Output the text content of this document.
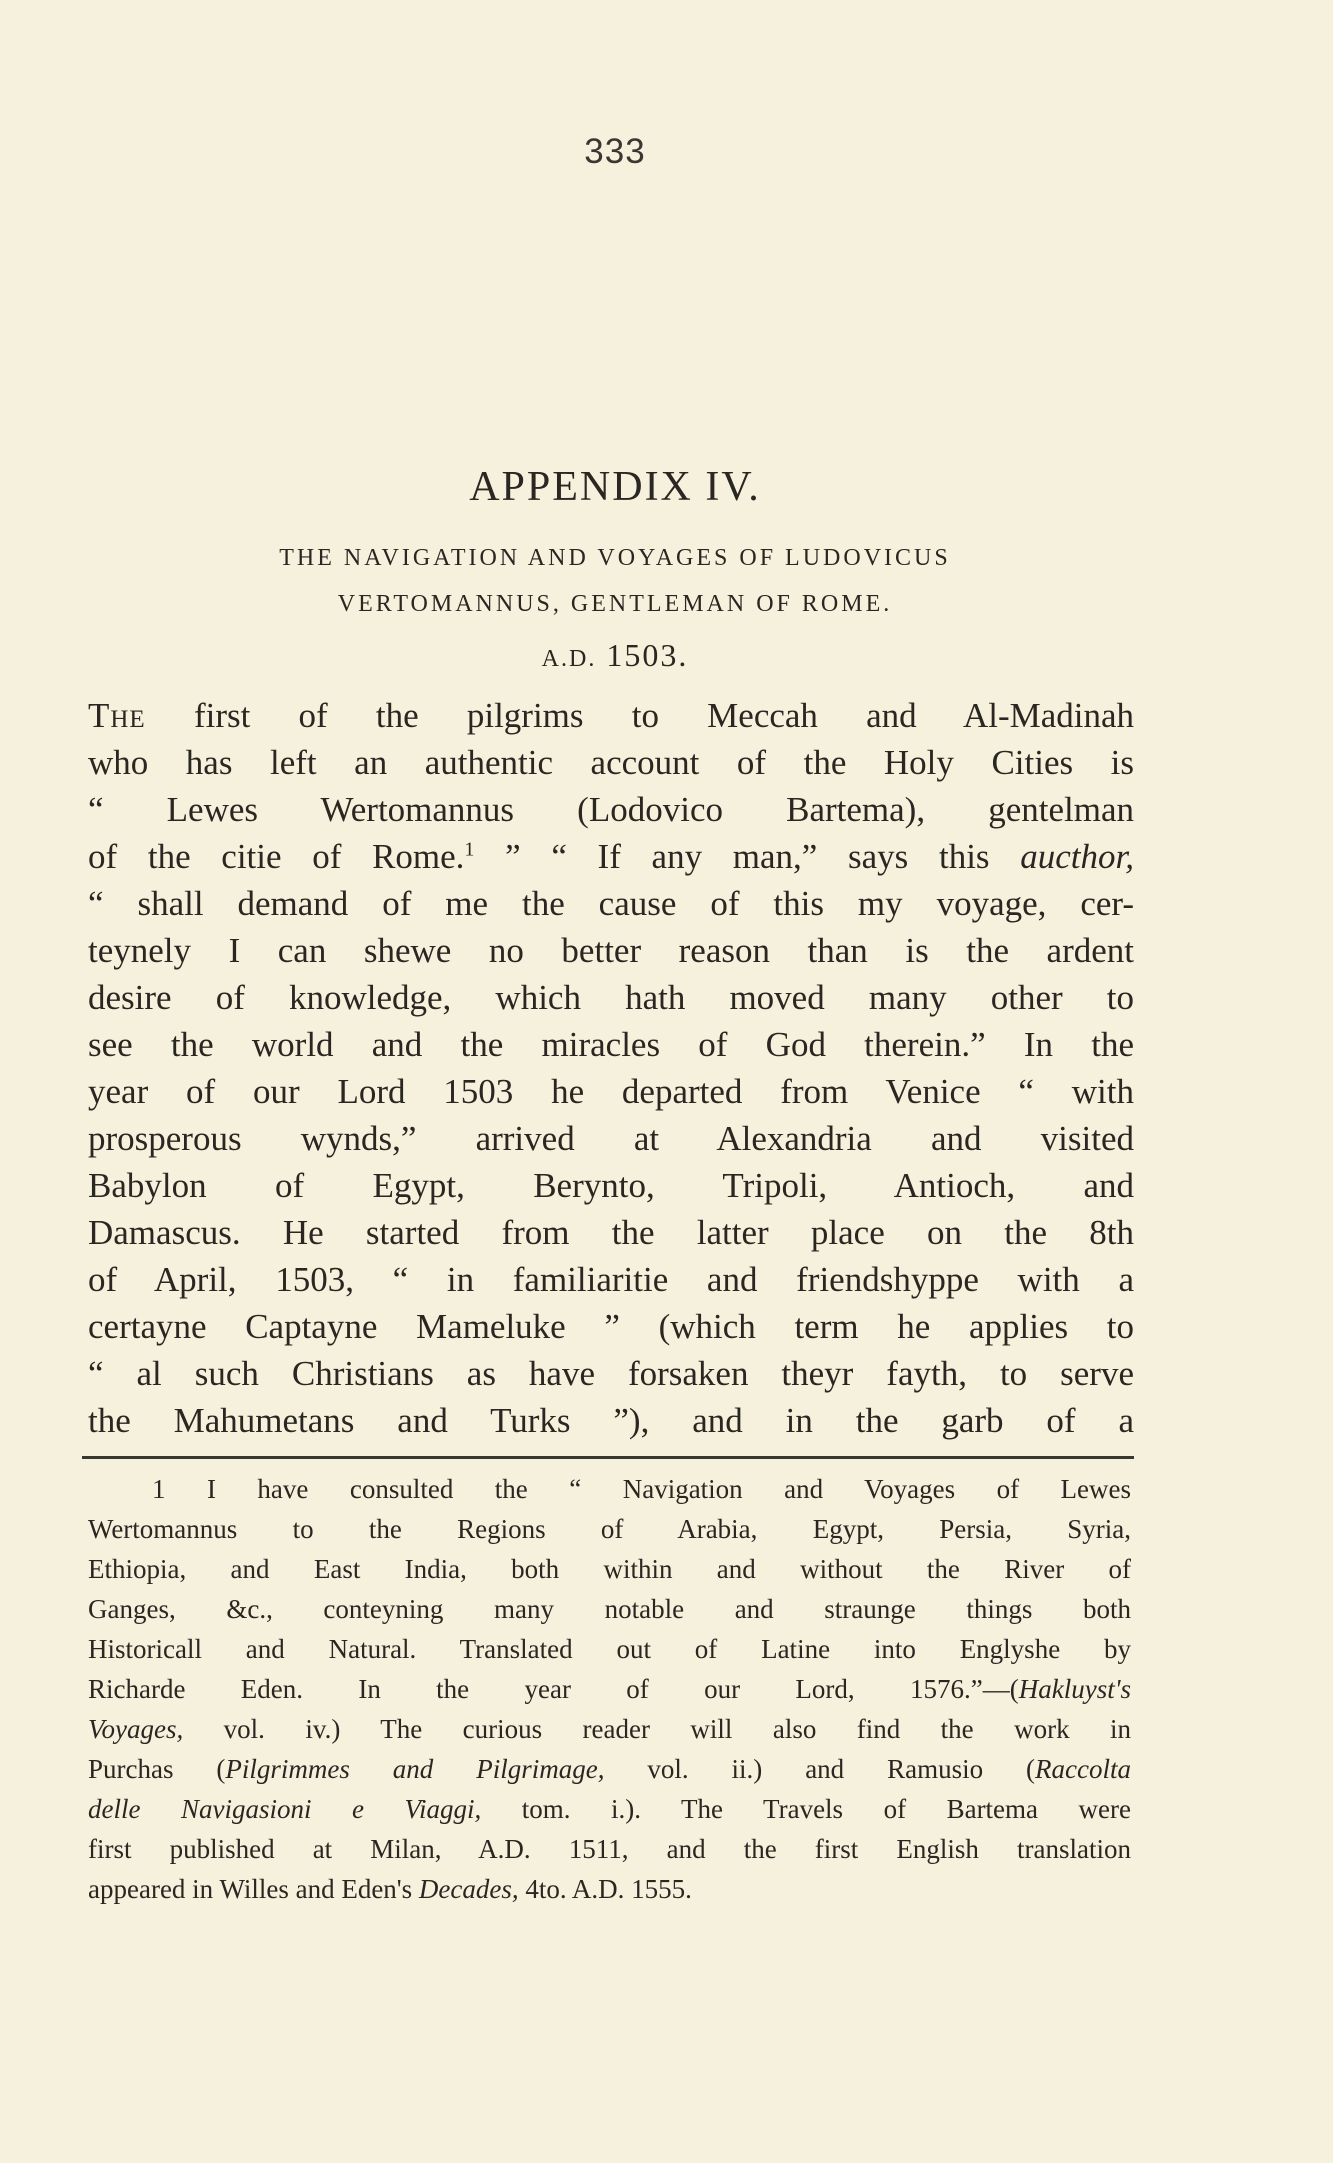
333
APPENDIX IV.
THE NAVIGATION AND VOYAGES OF LUDOVICUS
VERTOMANNUS, GENTLEMAN OF ROME.
A.D. 1503.
The first of the pilgrims to Meccah and Al-Madinah
who has left an authentic account of the Holy Cities is
“ Lewes Wertomannus (Lodovico Bartema), gentelman
of the citie of Rome.$^1$ ” “ If any man,” says this aucthor,
“ shall demand of me the cause of this my voyage, cer-
teynely I can shewe no better reason than is the ardent
desire of knowledge, which hath moved many other to
see the world and the miracles of God therein.” In the
year of our Lord 1503 he departed from Venice “ with
prosperous wynds,” arrived at Alexandria and visited
Babylon of Egypt, Berynto, Tripoli, Antioch, and
Damascus. He started from the latter place on the 8th
of April, 1503, “ in familiaritie and friendshyppe with a
certayne Captayne Mameluke ” (which term he applies to
“ al such Christians as have forsaken theyr fayth, to serve
the Mahumetans and Turks ”), and in the garb of a
1 I have consulted the “ Navigation and Voyages of Lewes
Wertomannus to the Regions of Arabia, Egypt, Persia, Syria,
Ethiopia, and East India, both within and without the River of
Ganges, &c., conteyning many notable and straunge things both
Historicall and Natural. Translated out of Latine into Englyshe by
Richarde Eden. In the year of our Lord, 1576.”—(Hakluyst's
Voyages, vol. iv.) The curious reader will also find the work in
Purchas (Pilgrimmes and Pilgrimage, vol. ii.) and Ramusio (Raccolta
delle Navigasioni e Viaggi, tom. i.). The Travels of Bartema were
first published at Milan, A.D. 1511, and the first English translation
appeared in Willes and Eden's Decades, 4to. A.D. 1555.
